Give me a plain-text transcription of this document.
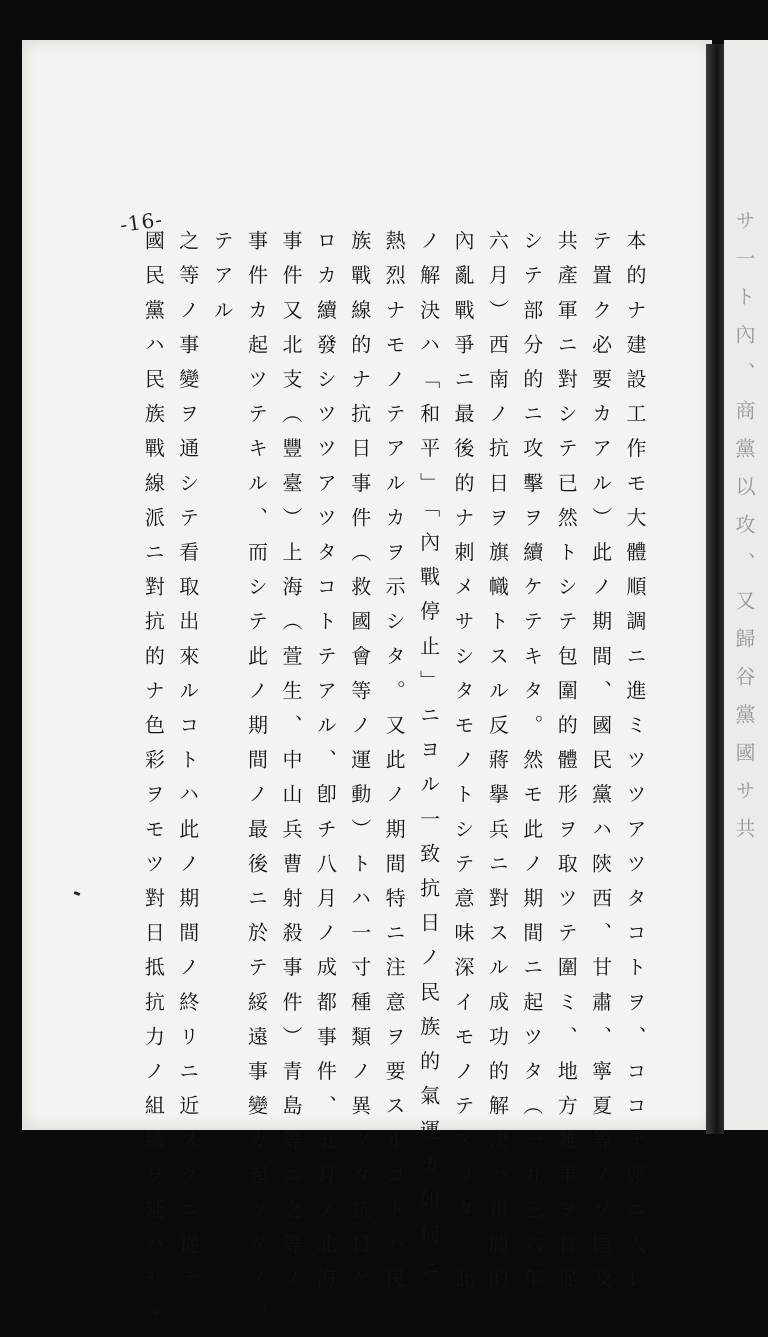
-16-
本的ナ建設工作モ大體順調ニ進ミツツアツタコトヲ、ココテ頭ニ入レ
テ置ク必要カアル）此ノ期間、國民黨ハ陝西、甘肅、寧夏等ノソ區及
共產軍ニ對シテ已然トシテ包圍的體形ヲ取ツテ圍ミ、地方雑軍ヲ督促
シテ部分的ニ攻擊ヲ續ケテキタ。然モ此ノ期間ニ起ツタ（一九三六年
六月）西南ノ抗日ヲ旗幟トスル反蔣擧兵ニ對スル成功的解決ハ軍閥的
內亂戰爭ニ最後的ナ刺メサシタモノトシテ意味深イモノテアツタ。此
ノ解決ハ「和平」「內戰停止」ニヨル一致抗日ノ民族的氣運カ如何ニ
熱烈ナモノテアルカヲ示シタ。又此ノ期間特ニ注意ヲ要スルコトハ民
族戰線的ナ抗日事件（救國會等ノ運動）トハ一寸種類ノ異ツタ抗日ゲ
ロカ續發シツツアツタコトテアル、卽チ八月ノ成都事件、五月ノ北海
事件又北支（豐臺）上海（萱生、中山兵曹射殺事件）青島等ニ之等ノ
事件カ起ツテキル、而シテ此ノ期間ノ最後ニ於テ綏遠事變カ起ツタノ、
テアル
之等ノ事變ヲ通シテ看取出來ルコトハ此ノ期間ノ終リニ近スクニ從テ
國民黨ハ民族戰線派ニ對抗的ナ色彩ヲモツ對日抵抗力ノ組織ヲ延ハサ・	サ一ト內、商黨以攻、又歸谷黨國サ共
